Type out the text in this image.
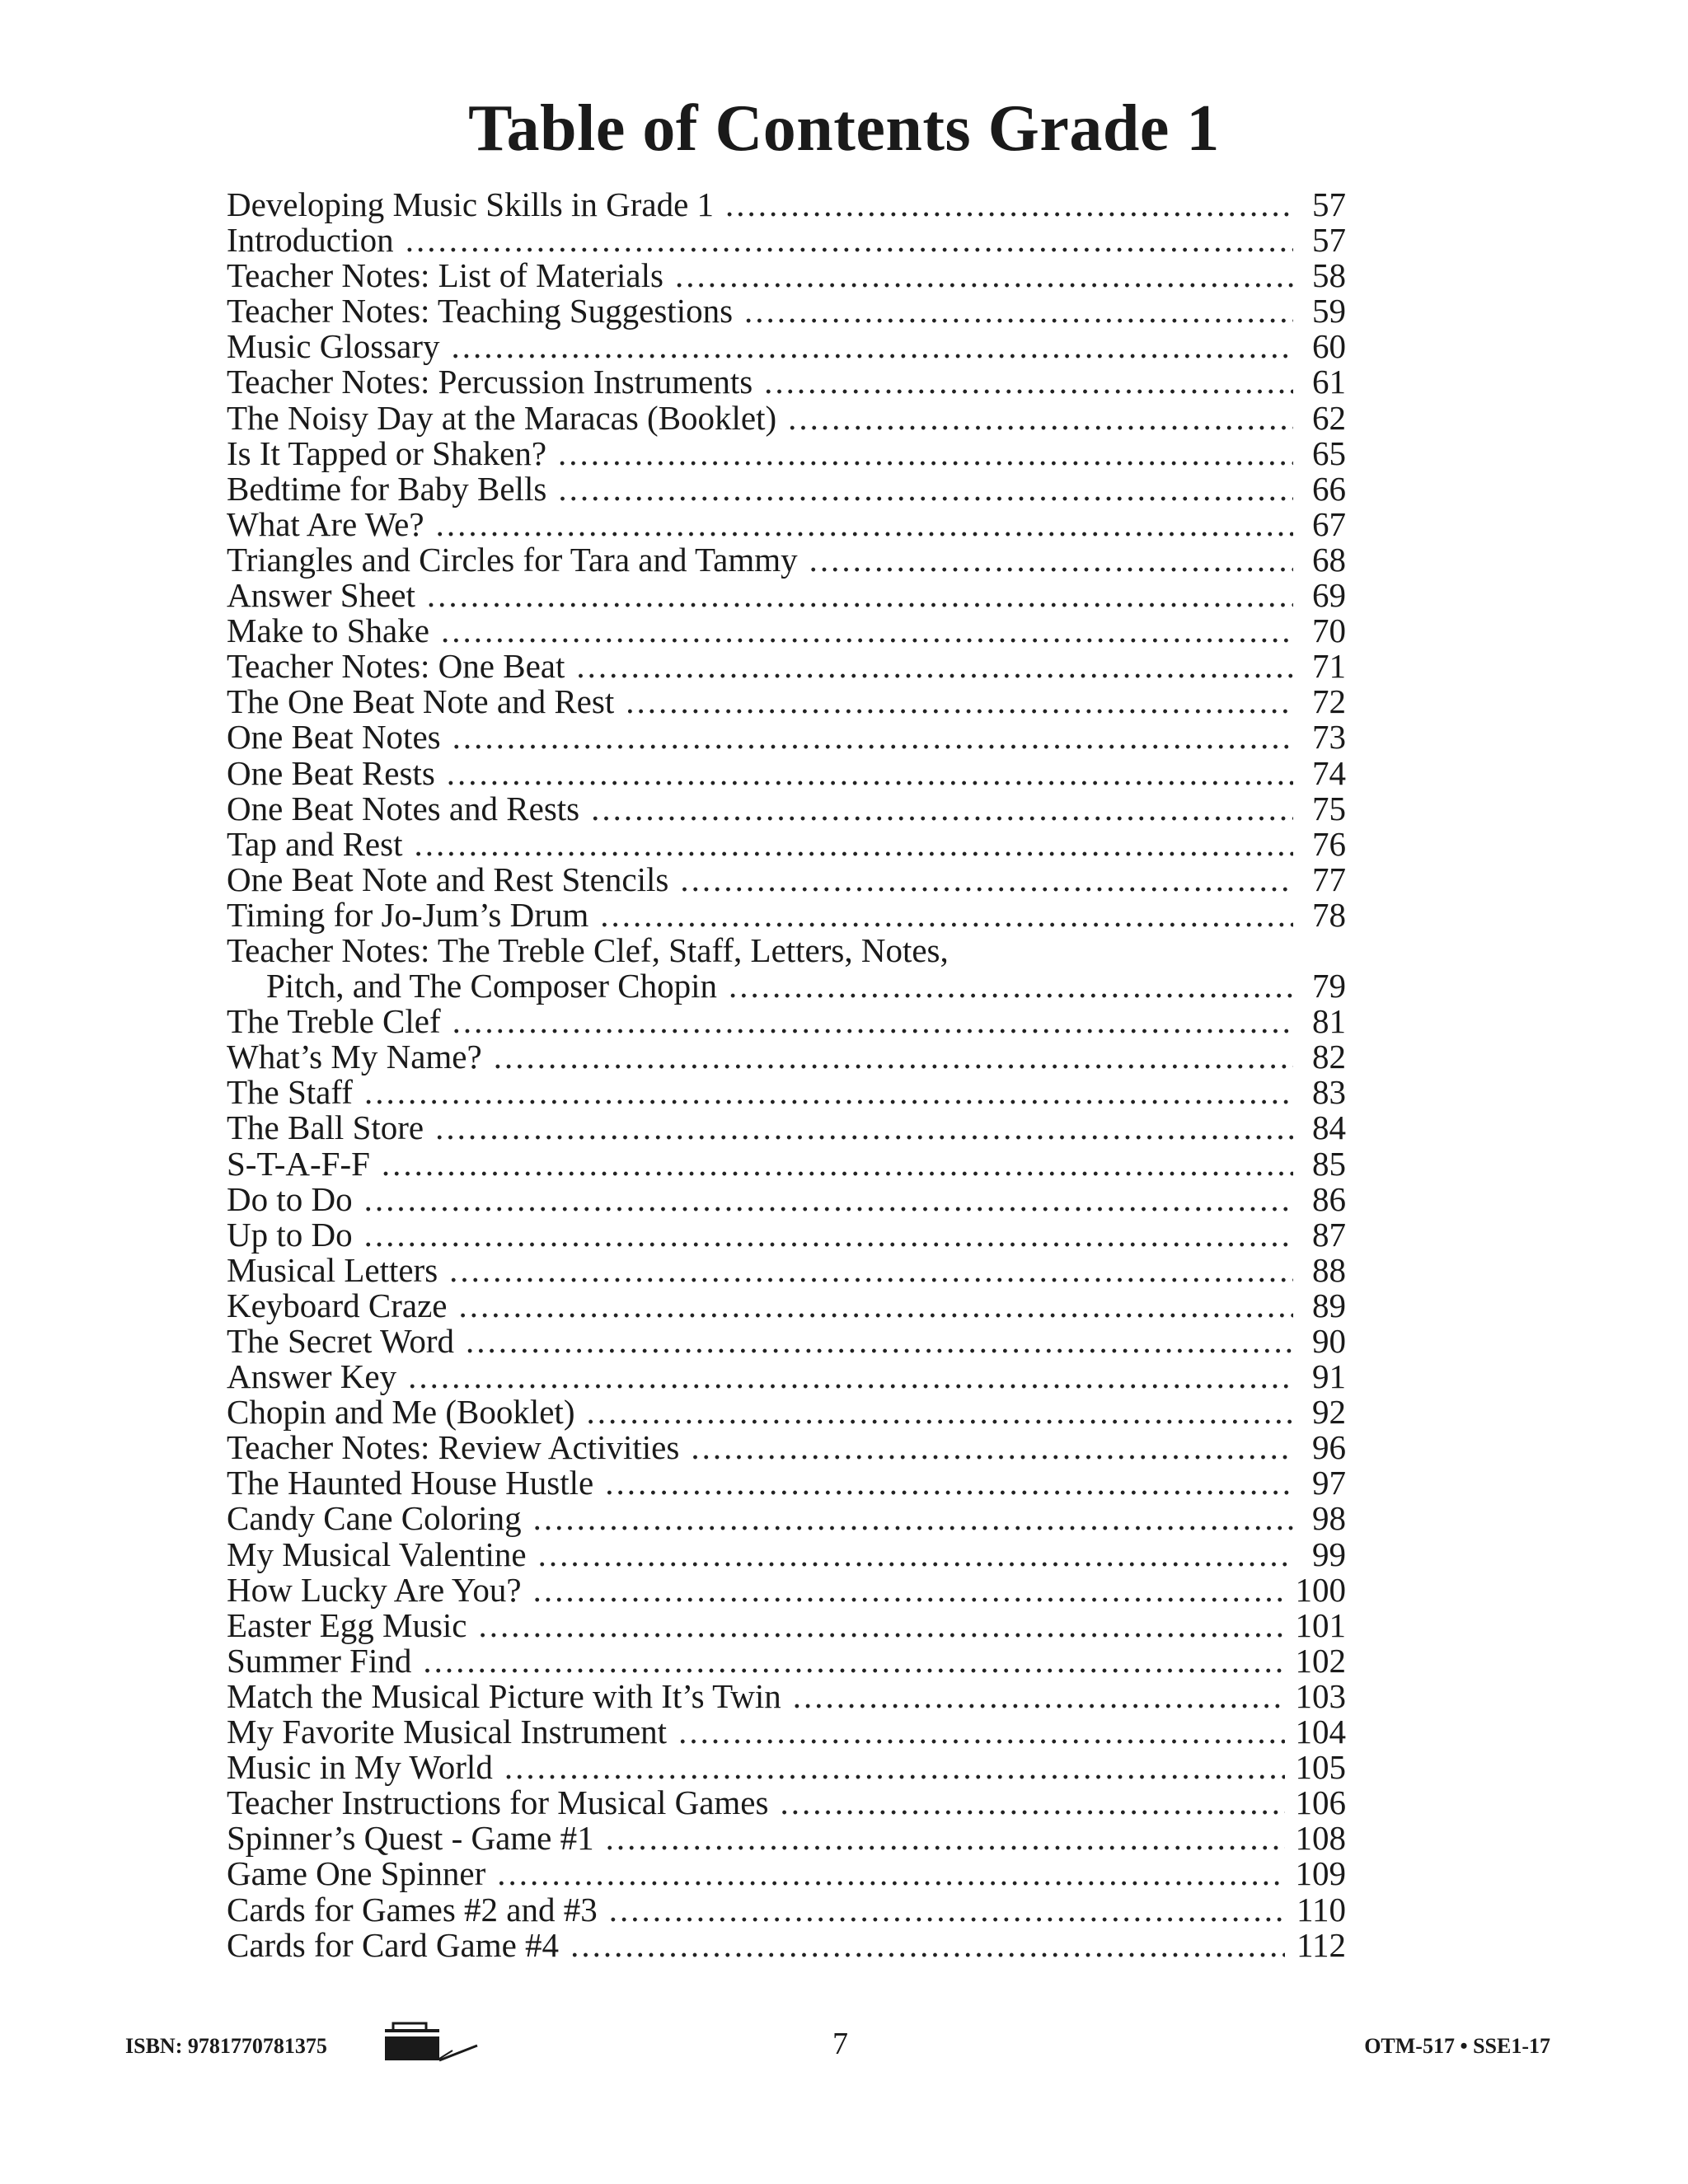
Table of Contents Grade 1
Developing Music Skills in Grade 1 .....	57
Introduction .....	57
Teacher Notes: List of Materials .....	58
Teacher Notes: Teaching Suggestions .....	59
Music Glossary .....	60
Teacher Notes: Percussion Instruments .....	61
The Noisy Day at the Maracas (Booklet) .....	62
Is It Tapped or Shaken? .....	65
Bedtime for Baby Bells .....	66
What Are We? .....	67
Triangles and Circles for Tara and Tammy .....	68
Answer Sheet .....	69
Make to Shake .....	70
Teacher Notes: One Beat .....	71
The One Beat Note and Rest .....	72
One Beat Notes .....	73
One Beat Rests .....	74
One Beat Notes and Rests .....	75
Tap and Rest .....	76
One Beat Note and Rest Stencils .....	77
Timing for Jo-Jum’s Drum .....	78
Teacher Notes: The Treble Clef, Staff, Letters, Notes,
Pitch, and The Composer Chopin .....	79
The Treble Clef .....	81
What’s My Name? .....	82
The Staff .....	83
The Ball Store .....	84
S-T-A-F-F .....	85
Do to Do .....	86
Up to Do .....	87
Musical Letters .....	88
Keyboard Craze .....	89
The Secret Word .....	90
Answer Key .....	91
Chopin and Me (Booklet) .....	92
Teacher Notes: Review Activities .....	96
The Haunted House Hustle .....	97
Candy Cane Coloring .....	98
My Musical Valentine .....	99
How Lucky Are You? .....	100
Easter Egg Music .....	101
Summer Find .....	102
Match the Musical Picture with It’s Twin .....	103
My Favorite Musical Instrument .....	104
Music in My World .....	105
Teacher Instructions for Musical Games .....	106
Spinner’s Quest - Game #1 .....	108
Game One Spinner .....	109
Cards for Games #2 and #3 .....	110
Cards for Card Game #4 .....	112
ISBN: 9781770781375	7	OTM-517 • SSE1-17
